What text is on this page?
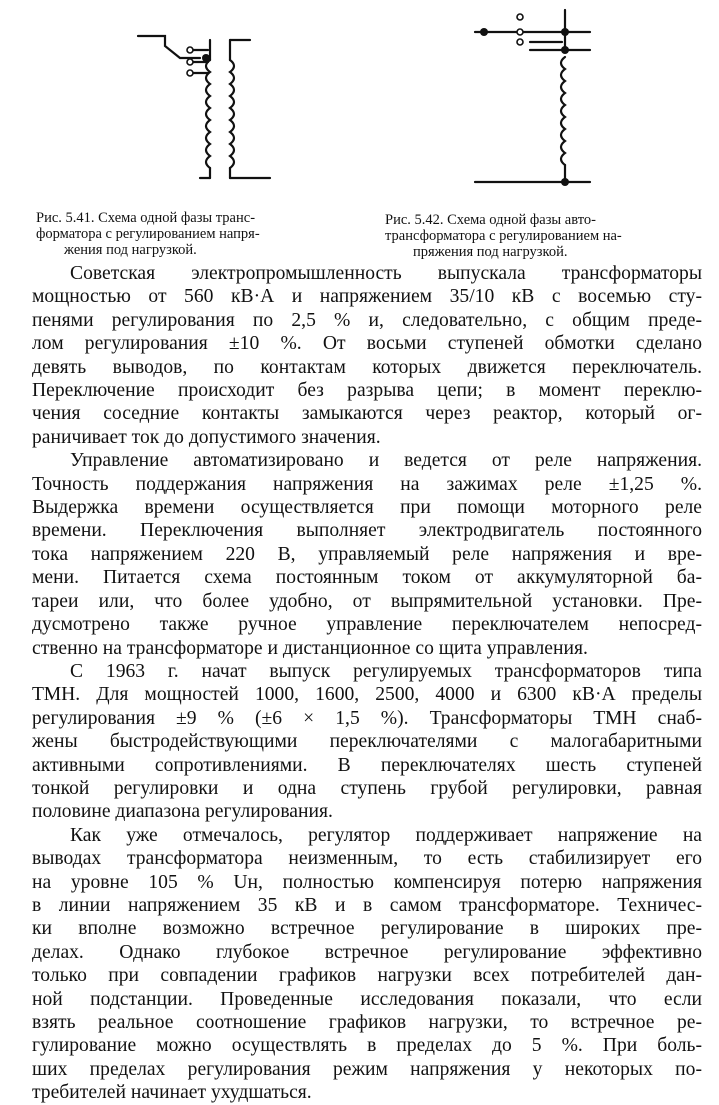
Рис. 5.41. Схема одной фазы транс-
форматора с регулированием напря-
жения под нагрузкой.
Рис. 5.42. Схема одной фазы авто-
трансформатора с регулированием на-
пряжения под нагрузкой.
Советская электропромышленность выпускала трансформаторы
мощностью от 560 кВ·А и напряжением 35/10 кВ с восемью сту-
пенями регулирования по 2,5 % и, следовательно, с общим преде-
лом регулирования ±10 %. От восьми ступеней обмотки сделано
девять выводов, по контактам которых движется переключатель.
Переключение происходит без разрыва цепи; в момент переклю-
чения соседние контакты замыкаются через реактор, который ог-
раничивает ток до допустимого значения.
Управление автоматизировано и ведется от реле напряжения.
Точность поддержания напряжения на зажимах реле ±1,25 %.
Выдержка времени осуществляется при помощи моторного реле
времени. Переключения выполняет электродвигатель постоянного
тока напряжением 220 В, управляемый реле напряжения и вре-
мени. Питается схема постоянным током от аккумуляторной ба-
тареи или, что более удобно, от выпрямительной установки. Пре-
дусмотрено также ручное управление переключателем непосред-
ственно на трансформаторе и дистанционное со щита управления.
С 1963 г. начат выпуск регулируемых трансформаторов типа
ТМН. Для мощностей 1000, 1600, 2500, 4000 и 6300 кВ·А пределы
регулирования ±9 % (±6 × 1,5 %). Трансформаторы ТМН снаб-
жены быстродействующими переключателями с малогабаритными
активными сопротивлениями. В переключателях шесть ступеней
тонкой регулировки и одна ступень грубой регулировки, равная
половине диапазона регулирования.
Как уже отмечалось, регулятор поддерживает напряжение на
выводах трансформатора неизменным, то есть стабилизирует его
на уровне 105 % Uн, полностью компенсируя потерю напряжения
в линии напряжением 35 кВ и в самом трансформаторе. Техничес-
ки вполне возможно встречное регулирование в широких пре-
делах. Однако глубокое встречное регулирование эффективно
только при совпадении графиков нагрузки всех потребителей дан-
ной подстанции. Проведенные исследования показали, что если
взять реальное соотношение графиков нагрузки, то встречное ре-
гулирование можно осуществлять в пределах до 5 %. При боль-
ших пределах регулирования режим напряжения у некоторых по-
требителей начинает ухудшаться.
